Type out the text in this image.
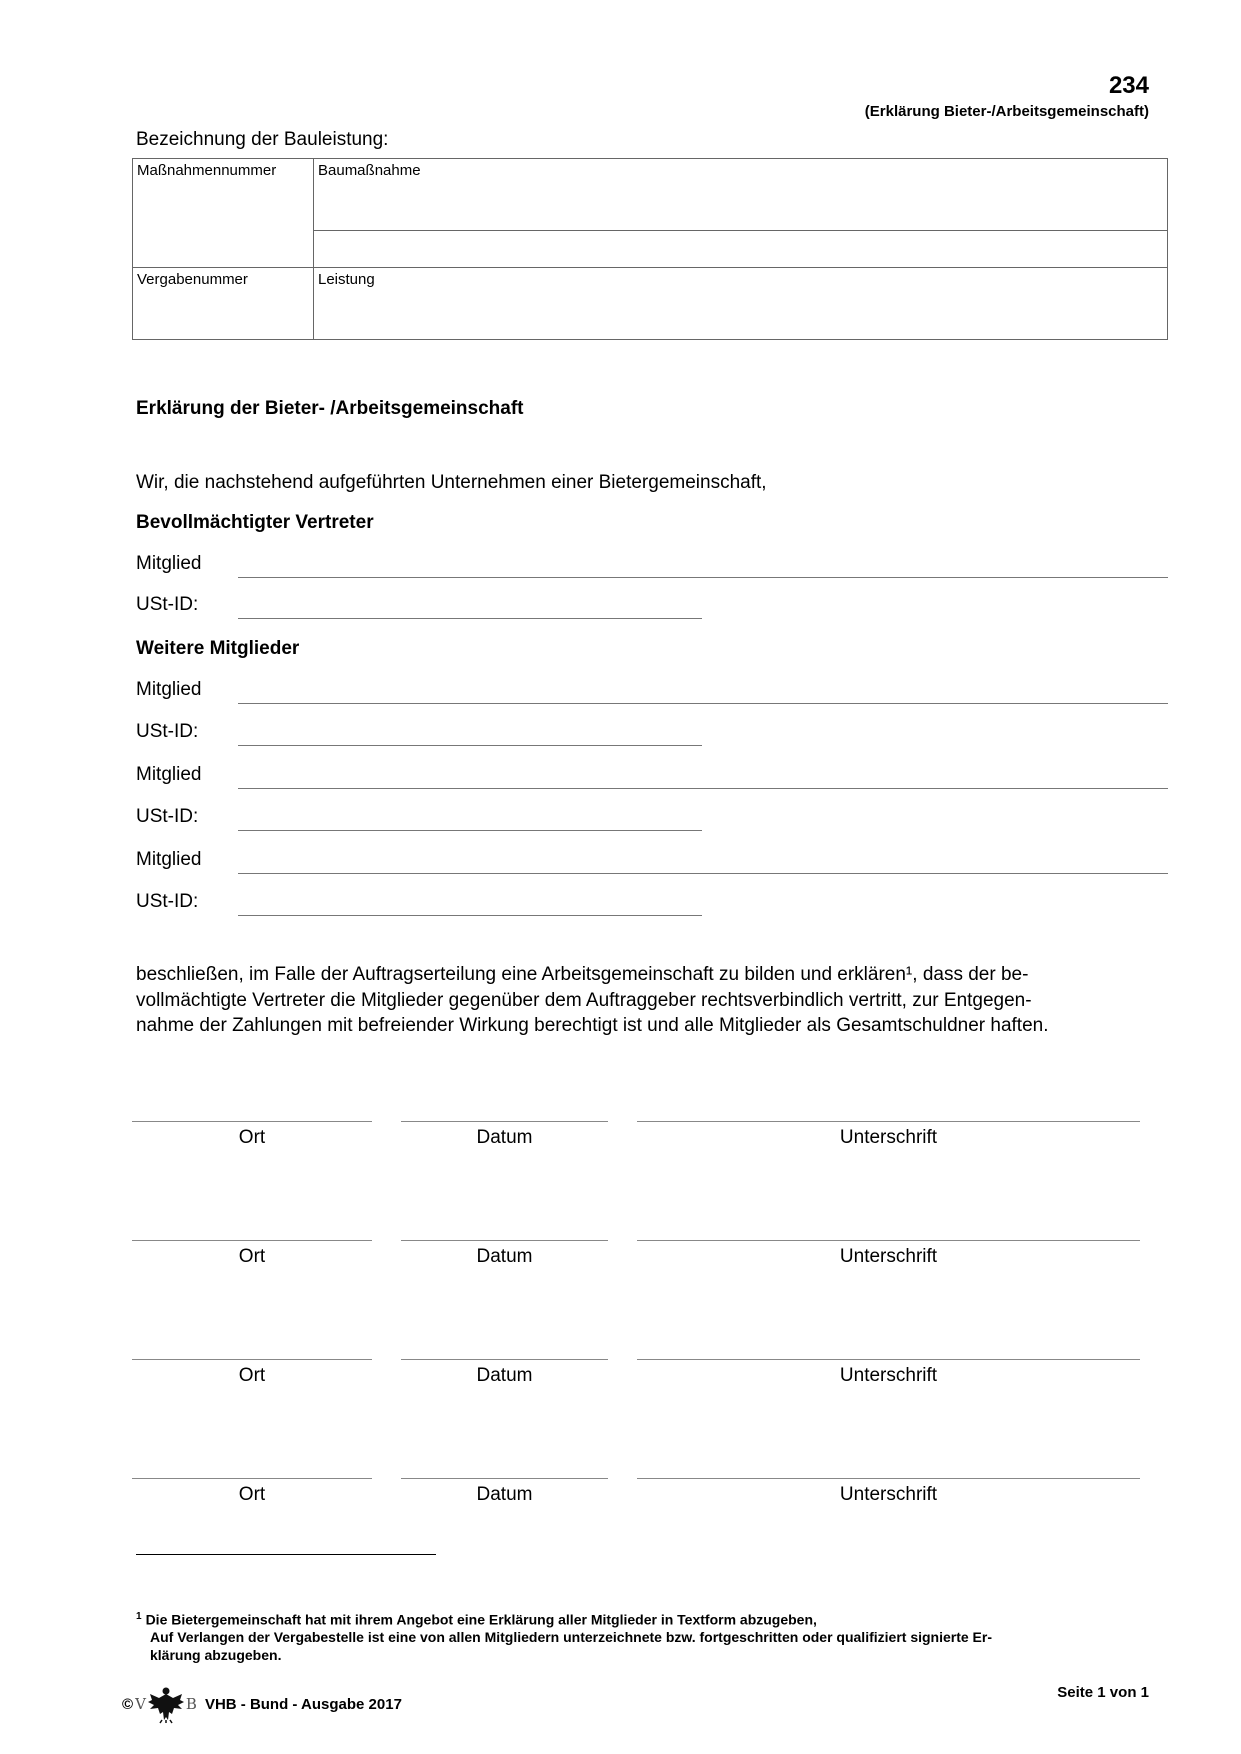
234
(Erklärung Bieter-/Arbeitsgemeinschaft)
Bezeichnung der Bauleistung:
Maßnahmennummer	Baumaßnahme

Vergabenummer	Leistung
Erklärung der Bieter- /Arbeitsgemeinschaft
Wir, die nachstehend aufgeführten Unternehmen einer Bietergemeinschaft,
Bevollmächtigter Vertreter
Mitglied
USt-ID:
Weitere Mitglieder
Mitglied
USt-ID:
Mitglied
USt-ID:
Mitglied
USt-ID:
beschließen, im Falle der Auftragserteilung eine Arbeitsgemeinschaft zu bilden und erklären¹, dass der be-
vollmächtigte Vertreter die Mitglieder gegenüber dem Auftraggeber rechtsverbindlich vertritt, zur Entgegen-
nahme der Zahlungen mit befreiender Wirkung berechtigt ist und alle Mitglieder als Gesamtschuldner haften.
Ort	Datum	Unterschrift
Ort	Datum	Unterschrift
Ort	Datum	Unterschrift
Ort	Datum	Unterschrift
$^1$ Die Bietergemeinschaft hat mit ihrem Angebot eine Erklärung aller Mitglieder in Textform abzugeben,
Auf Verlangen der Vergabestelle ist eine von allen Mitgliedern unterzeichnete bzw. fortgeschritten oder qualifiziert signierte Er-
klärung abzugeben.
© V	B VHB - Bund - Ausgabe 2017
Seite 1 von 1
